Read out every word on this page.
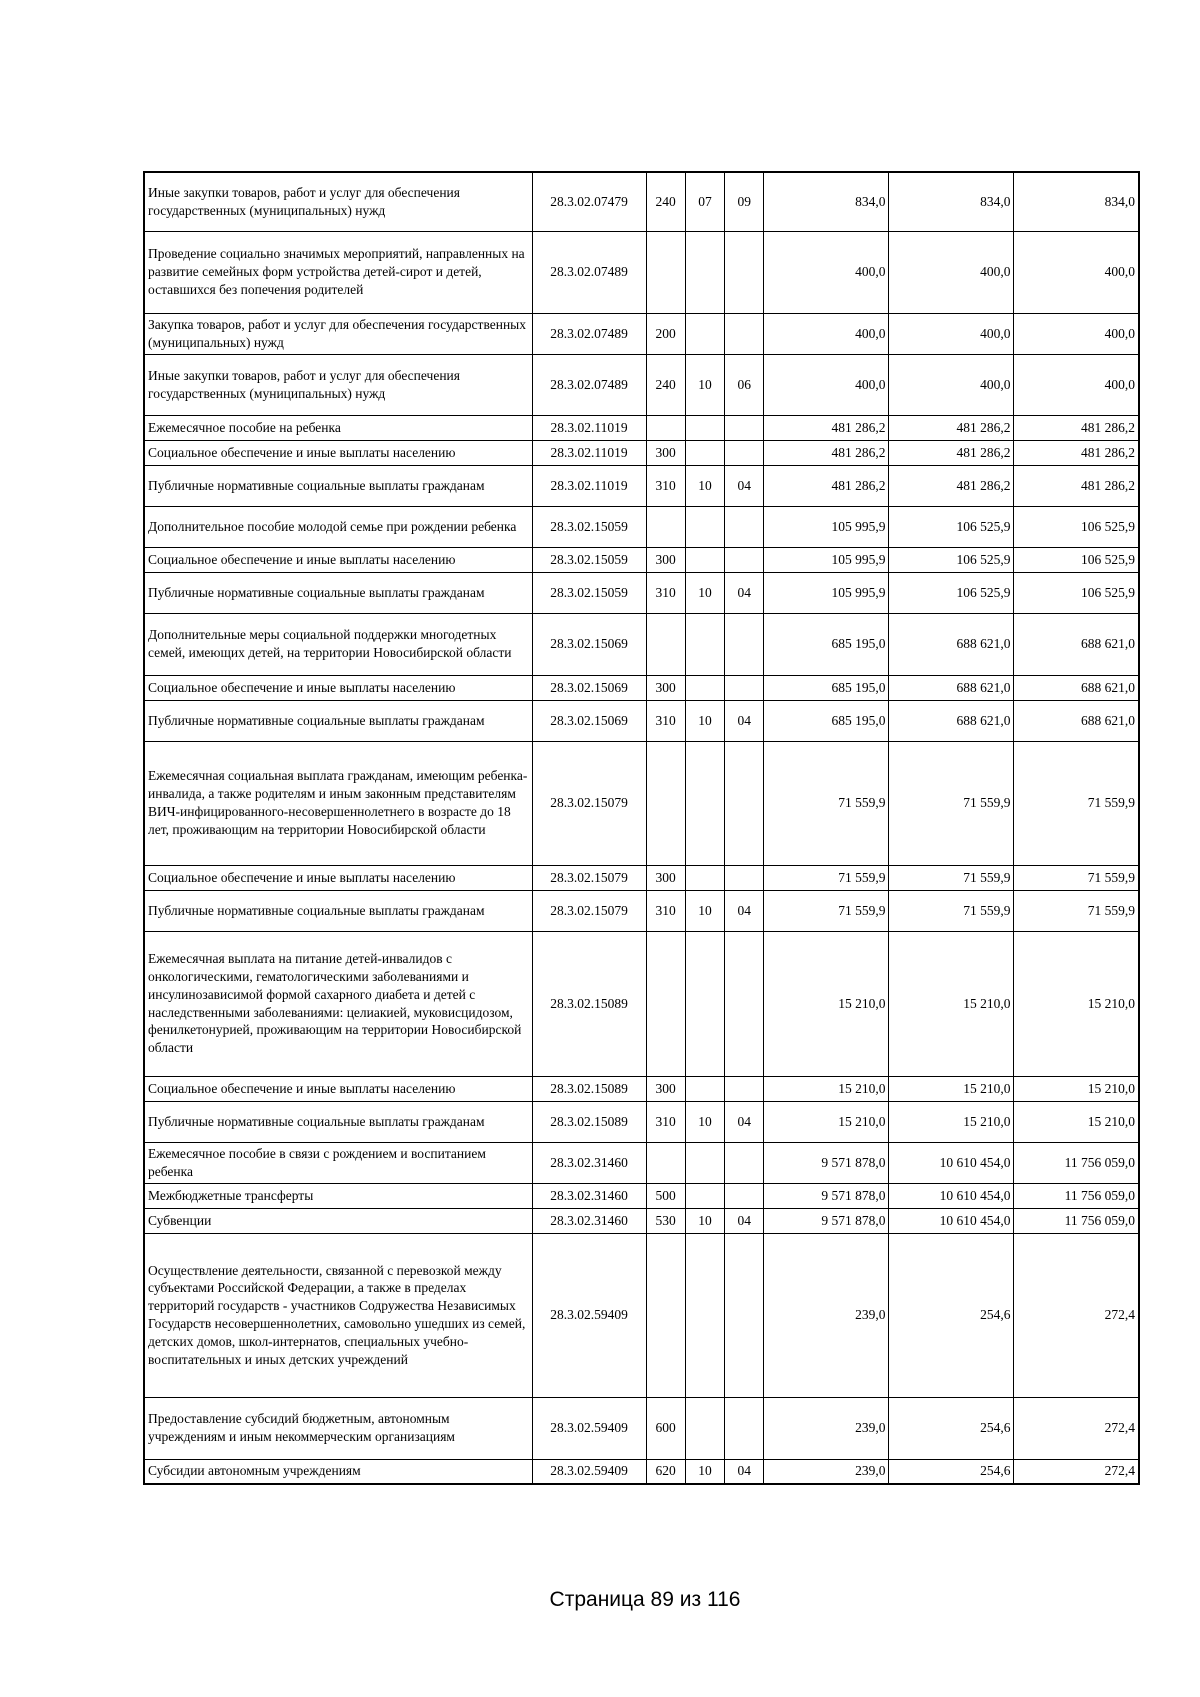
Иные закупки товаров, работ и услуг для обеспечения государственных (муниципальных) нужд	28.3.02.07479	240	07	09	834,0	834,0	834,0
Проведение социально значимых мероприятий, направленных на развитие семейных форм устройства детей-сирот и детей, оставшихся без попечения родителей	28.3.02.07489				400,0	400,0	400,0
Закупка товаров, работ и услуг для обеспечения государственных (муниципальных) нужд	28.3.02.07489	200			400,0	400,0	400,0
Иные закупки товаров, работ и услуг для обеспечения государственных (муниципальных) нужд	28.3.02.07489	240	10	06	400,0	400,0	400,0
Ежемесячное пособие на ребенка	28.3.02.11019				481 286,2	481 286,2	481 286,2
Социальное обеспечение и иные выплаты населению	28.3.02.11019	300			481 286,2	481 286,2	481 286,2
Публичные нормативные социальные выплаты гражданам	28.3.02.11019	310	10	04	481 286,2	481 286,2	481 286,2
Дополнительное пособие молодой семье при рождении ребенка	28.3.02.15059				105 995,9	106 525,9	106 525,9
Социальное обеспечение и иные выплаты населению	28.3.02.15059	300			105 995,9	106 525,9	106 525,9
Публичные нормативные социальные выплаты гражданам	28.3.02.15059	310	10	04	105 995,9	106 525,9	106 525,9
Дополнительные меры социальной поддержки многодетных семей, имеющих детей, на территории Новосибирской области	28.3.02.15069				685 195,0	688 621,0	688 621,0
Социальное обеспечение и иные выплаты населению	28.3.02.15069	300			685 195,0	688 621,0	688 621,0
Публичные нормативные социальные выплаты гражданам	28.3.02.15069	310	10	04	685 195,0	688 621,0	688 621,0
Ежемесячная социальная выплата гражданам, имеющим ребенка-инвалида, а также родителям и иным законным представителям ВИЧ-инфицированного-несовершеннолетнего в возрасте до 18 лет, проживающим на территории Новосибирской области	28.3.02.15079				71 559,9	71 559,9	71 559,9
Социальное обеспечение и иные выплаты населению	28.3.02.15079	300			71 559,9	71 559,9	71 559,9
Публичные нормативные социальные выплаты гражданам	28.3.02.15079	310	10	04	71 559,9	71 559,9	71 559,9
Ежемесячная выплата на питание детей-инвалидов с онкологическими, гематологическими заболеваниями и инсулинозависимой формой сахарного диабета и детей с наследственными заболеваниями: целиакией, муковисцидозом, фенилкетонурией, проживающим на территории Новосибирской области	28.3.02.15089				15 210,0	15 210,0	15 210,0
Социальное обеспечение и иные выплаты населению	28.3.02.15089	300			15 210,0	15 210,0	15 210,0
Публичные нормативные социальные выплаты гражданам	28.3.02.15089	310	10	04	15 210,0	15 210,0	15 210,0
Ежемесячное пособие в связи с рождением и воспитанием ребенка	28.3.02.31460				9 571 878,0	10 610 454,0	11 756 059,0
Межбюджетные трансферты	28.3.02.31460	500			9 571 878,0	10 610 454,0	11 756 059,0
Субвенции	28.3.02.31460	530	10	04	9 571 878,0	10 610 454,0	11 756 059,0
Осуществление деятельности, связанной с перевозкой между субъектами Российской Федерации, а также в пределах территорий государств - участников Содружества Независимых Государств несовершеннолетних, самовольно ушедших из семей, детских домов, школ-интернатов, специальных учебно-воспитательных и иных детских учреждений	28.3.02.59409				239,0	254,6	272,4
Предоставление субсидий бюджетным, автономным учреждениям и иным некоммерческим организациям	28.3.02.59409	600			239,0	254,6	272,4
Субсидии автономным учреждениям	28.3.02.59409	620	10	04	239,0	254,6	272,4
Страница 89 из 116
